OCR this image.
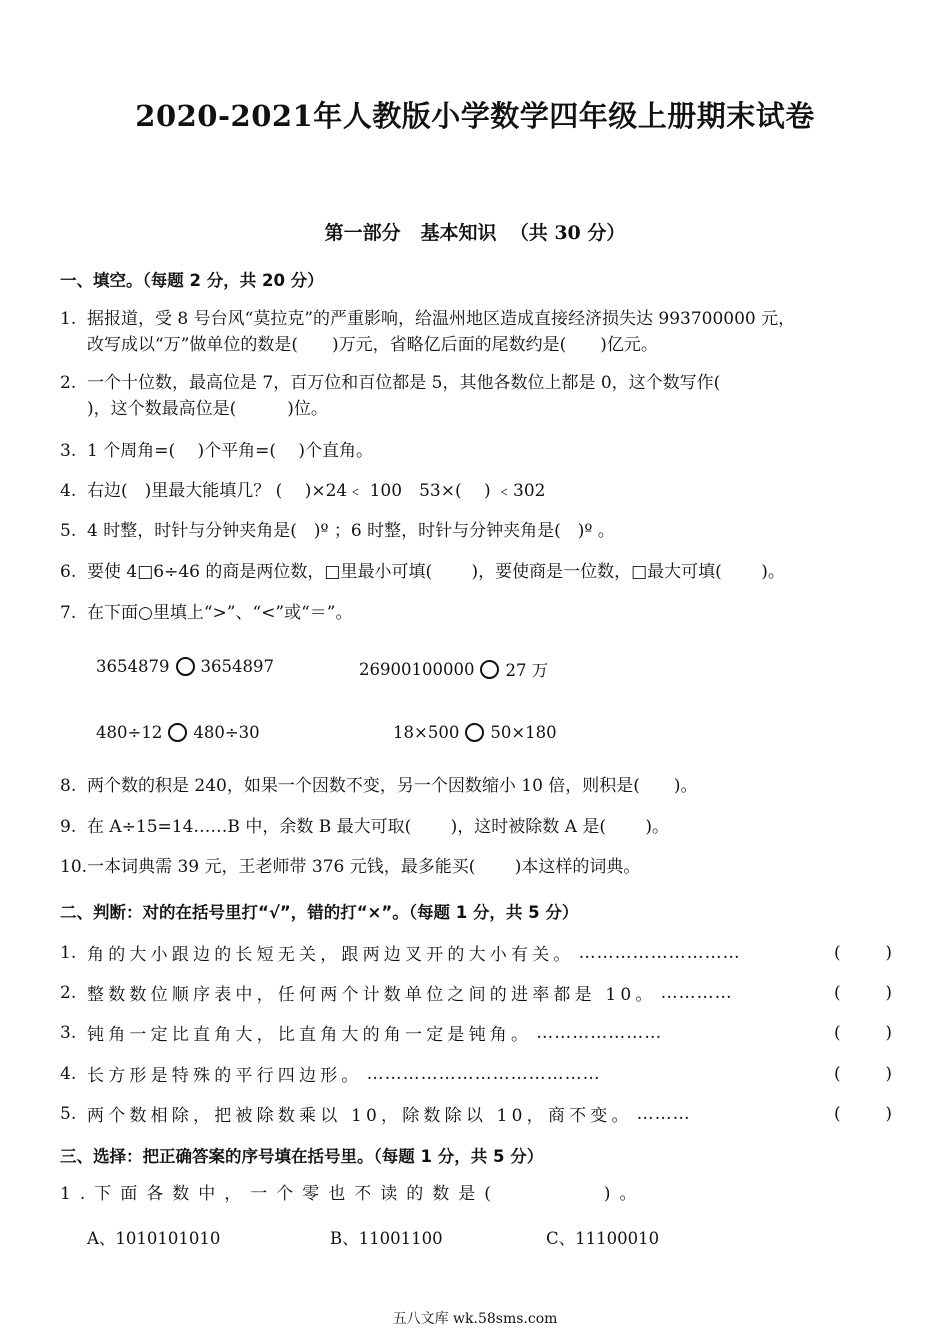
2020-2021年人教版小学数学四年级上册期末试卷
第一部分   基本知识  （共 30 分）
一、填空。（每题 2 分，共 20 分）
1. 据报道，受 8 号台风“莫拉克”的严重影响，给温州地区造成直接经济损失达 993700000 元，
改写成以“万”做单位的数是(　　)万元，省略亿后面的尾数约是(　　)亿元。
2. 一个十位数，最高位是 7，百万位和百位都是 5，其他各数位上都是 0，这个数写作(
)，这个数最高位是(　　　)位。
3. 1 个周角=(　 )个平角=(　 )个直角。
4. 右边(　)里最大能填几？ (　 )×24﹤ 100　53×(　 ) ﹤302
5. 4 时整，时针与分钟夹角是(　)º ；6 时整，时针与分钟夹角是(　)º 。
6. 要使 4□6÷46 的商是两位数，□里最小可填(　　 )，要使商是一位数，□最大可填(　　 )。
7. 在下面○里填上“>”、“<”或“＝”。
3654879 3654897	26900100000 27 万
480÷12 480÷30	18×500 50×180
8. 两个数的积是 240，如果一个因数不变，另一个因数缩小 10 倍，则积是(　　)。
9. 在 A÷15=14……B 中，余数 B 最大可取(　　 )，这时被除数 A 是(　　 )。
10.一本词典需 39 元，王老师带 376 元钱，最多能买(　　 )本这样的词典。
二、判断：对的在括号里打“√”，错的打“×”。（每题 1 分，共 5 分）
1. 角的大小跟边的长短无关，跟两边叉开的大小有关。 ………………………	(	)
2. 整数数位顺序表中，任何两个计数单位之间的进率都是 10。 …………	(	)
3. 钝角一定比直角大，比直角大的角一定是钝角。 …………………	(	)
4. 长方形是特殊的平行四边形。 …………………………………	(	)
5. 两个数相除，把被除数乘以 10，除数除以 10，商不变。 ………	(	)
三、选择：把正确答案的序号填在括号里。（每题 1 分，共 5 分）
1.下面各数中，一个零也不读的数是(　　　　)。
A、1010101010	B、11001100	C、11100010
五八文库 wk.58sms.com
